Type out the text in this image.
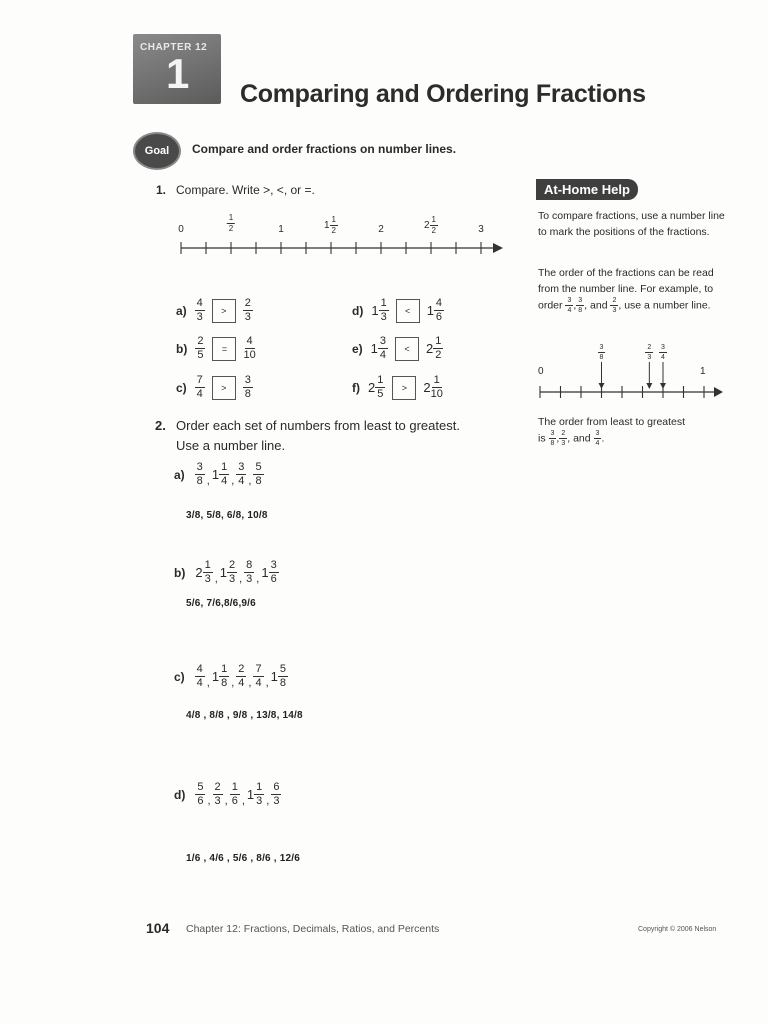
CHAPTER 12
1 Comparing and Ordering Fractions
Goal Compare and order fractions on number lines.
1. Compare. Write >, <, or =.
2. Order each set of numbers from least to greatest.
Use a number line.
At-Home Help
To compare fractions, use a number line to mark the positions of the fractions.
The order of the fractions can be read from the number line. For example, to order $\frac{3}{4}$ , $\frac{3}{8}$ , and $\frac{2}{3}$ , use a number line.
0	1
The order from least to greatest
is $\frac{3}{8}$ , $\frac{2}{3}$ , and $\frac{3}{4}$ .
104 Chapter 12: Fractions, Decimals, Ratios, and Percents	Copyright © 2006 Nelson
0	$\frac{1}{2}$	1	$1 \frac{1}{2}$	2	$2 \frac{1}{2}$	3
$a) \frac{4}{3}$	>	$\frac{2}{3}$
$b) \frac{2}{5}$	=	$\frac{4}{10}$
$c) \frac{7}{4}$	>	$\frac{3}{8}$
d) $1 \frac{1}{3}$	<	$1 \frac{4}{6}$
e) $1 \frac{3}{4}$	<	$2 \frac{1}{2}$
f) $2 \frac{1}{5}$	>	$2 \frac{1}{10}$
$a) \frac{3}{8}$ , $1 \frac{1}{4}$ , $\frac{3}{4}$ , $\frac{5}{8}$
3/8, 5/8, 6/8, 10/8
b) $2 \frac{1}{3}$ , $1 \frac{2}{3}$ , $\frac{8}{3}$ , $1 \frac{3}{6}$
5/6, 7/6,8/6,9/6
$c) \frac{4}{4}$ , $1 \frac{1}{8}$ , $\frac{2}{4}$ , $\frac{7}{4}$ , $1 \frac{5}{8}$
4/8 , 8/8 , 9/8 , 13/8, 14/8
$d) \frac{5}{6}$ , $\frac{2}{3}$ , $\frac{1}{6}$ , $1 \frac{1}{3}$ , $\frac{6}{3}$
1/6 , 4/6 , 5/6 , 8/6 , 12/6
$\frac{3}{8}$	$\frac{2}{3} \frac{3}{4}$
